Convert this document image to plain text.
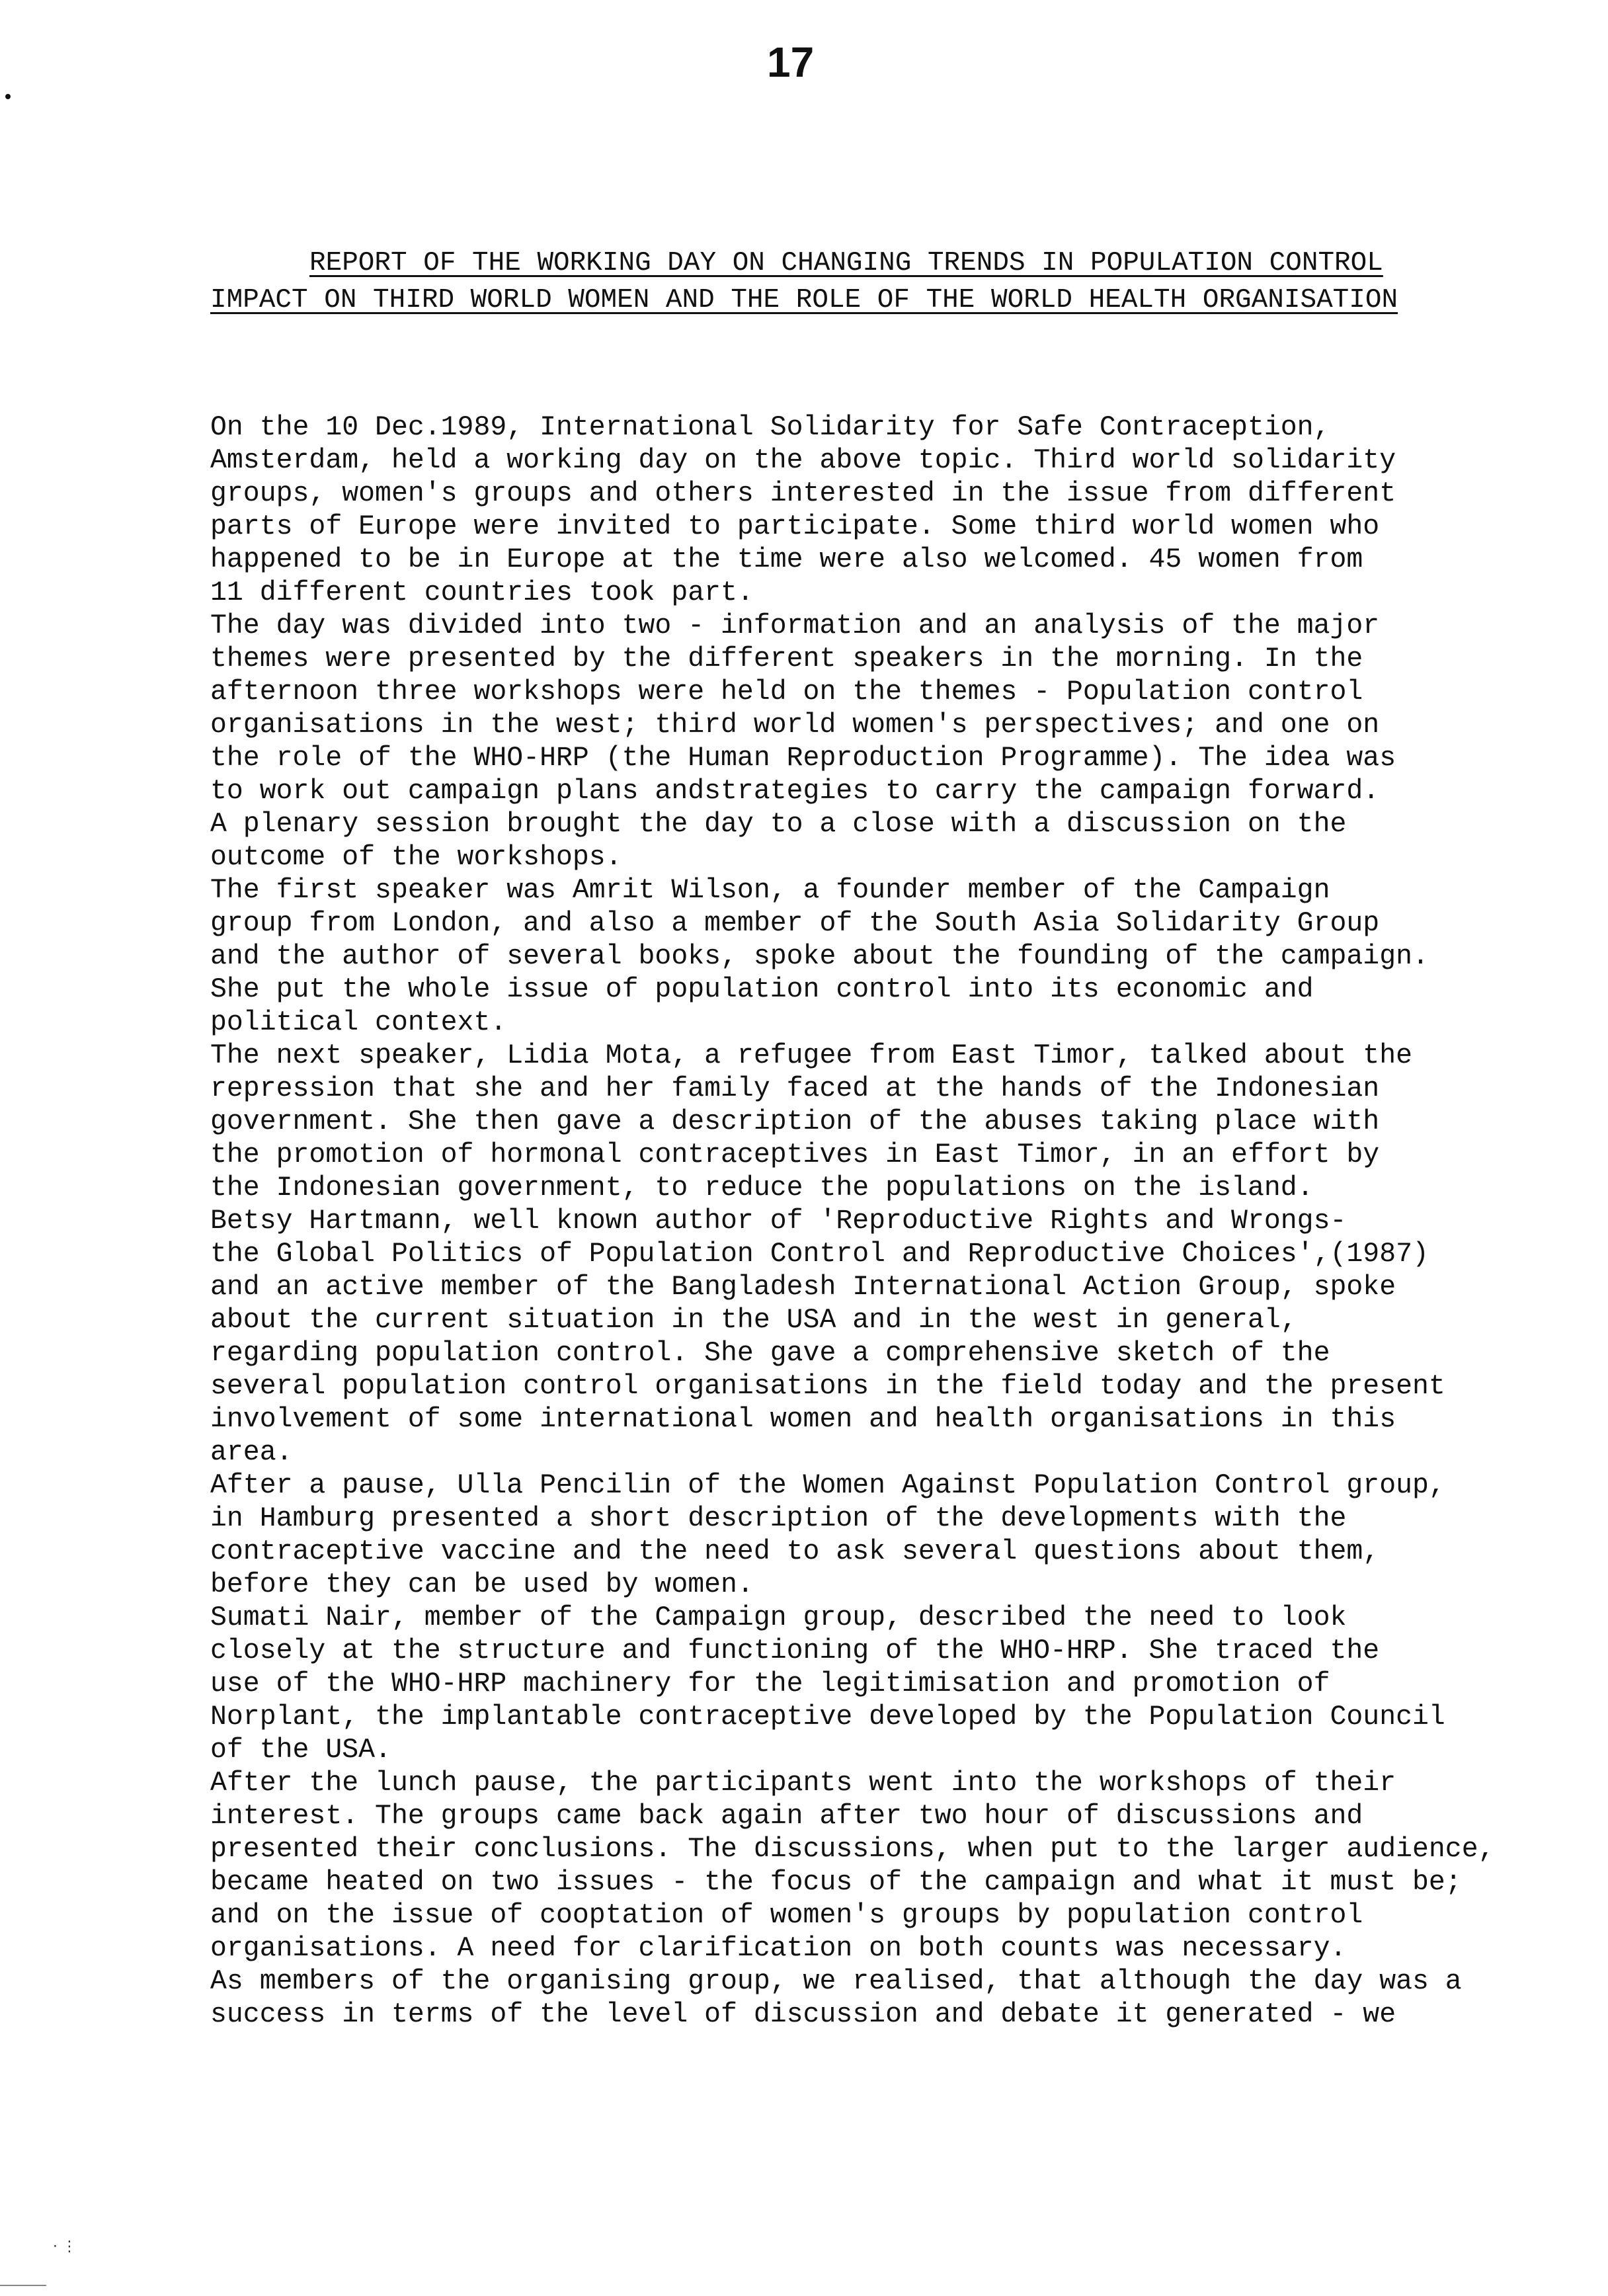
17
REPORT OF THE WORKING DAY ON CHANGING TRENDS IN POPULATION CONTROL
IMPACT ON THIRD WORLD WOMEN AND THE ROLE OF THE WORLD HEALTH ORGANISATION
On the 10 Dec.1989, International Solidarity for Safe Contraception,
Amsterdam, held a working day on the above topic. Third world solidarity
groups, women's groups and others interested in the issue from different
parts of Europe were invited to participate. Some third world women who
happened to be in Europe at the time were also welcomed. 45 women from
11 different countries took part.
The day was divided into two - information and an analysis of the major
themes were presented by the different speakers in the morning. In the
afternoon three workshops were held on the themes - Population control
organisations in the west; third world women's perspectives; and one on
the role of the WHO-HRP (the Human Reproduction Programme). The idea was
to work out campaign plans andstrategies to carry the campaign forward.
A plenary session brought the day to a close with a discussion on the
outcome of the workshops.
The first speaker was Amrit Wilson, a founder member of the Campaign
group from London, and also a member of the South Asia Solidarity Group
and the author of several books, spoke about the founding of the campaign.
She put the whole issue of population control into its economic and
political context.
The next speaker, Lidia Mota, a refugee from East Timor, talked about the
repression that she and her family faced at the hands of the Indonesian
government. She then gave a description of the abuses taking place with
the promotion of hormonal contraceptives in East Timor, in an effort by
the Indonesian government, to reduce the populations on the island.
Betsy Hartmann, well known author of 'Reproductive Rights and Wrongs-
the Global Politics of Population Control and Reproductive Choices',(1987)
and an active member of the Bangladesh International Action Group, spoke
about the current situation in the USA and in the west in general,
regarding population control. She gave a comprehensive sketch of the
several population control organisations in the field today and the present
involvement of some international women and health organisations in this
area.
After a pause, Ulla Pencilin of the Women Against Population Control group,
in Hamburg presented a short description of the developments with the
contraceptive vaccine and the need to ask several questions about them,
before they can be used by women.
Sumati Nair, member of the Campaign group, described the need to look
closely at the structure and functioning of the WHO-HRP. She traced the
use of the WHO-HRP machinery for the legitimisation and promotion of
Norplant, the implantable contraceptive developed by the Population Council
of the USA.
After the lunch pause, the participants went into the workshops of their
interest. The groups came back again after two hour of discussions and
presented their conclusions. The discussions, when put to the larger audience,
became heated on two issues - the focus of the campaign and what it must be;
and on the issue of cooptation of women's groups by population control
organisations. A need for clarification on both counts was necessary.
As members of the organising group, we realised, that although the day was a
success in terms of the level of discussion and debate it generated - we
⋅ ⋮
